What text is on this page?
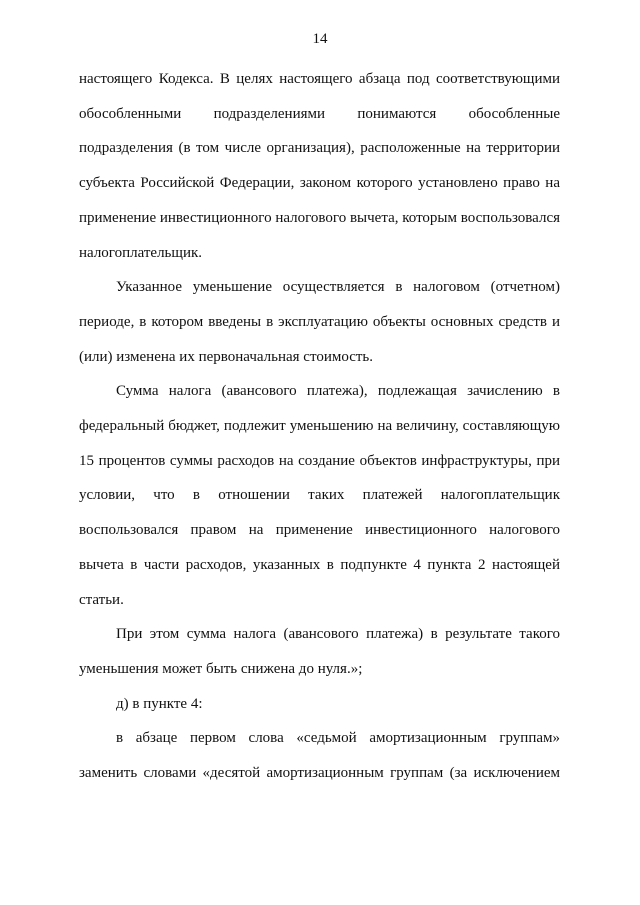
14

настоящего Кодекса. В целях настоящего абзаца под соответствующими обособленными подразделениями понимаются обособленные подразделения (в том числе организация), расположенные на территории субъекта Российской Федерации, законом которого установлено право на применение инвестиционного налогового вычета, которым воспользовался налогоплательщик.

Указанное уменьшение осуществляется в налоговом (отчетном) периоде, в котором введены в эксплуатацию объекты основных средств и (или) изменена их первоначальная стоимость.

Сумма налога (авансового платежа), подлежащая зачислению в федеральный бюджет, подлежит уменьшению на величину, составляющую 15 процентов суммы расходов на создание объектов инфраструктуры, при условии, что в отношении таких платежей налогоплательщик воспользовался правом на применение инвестиционного налогового вычета в части расходов, указанных в подпункте 4 пункта 2 настоящей статьи.

При этом сумма налога (авансового платежа) в результате такого уменьшения может быть снижена до нуля.»;

д) в пункте 4:

в абзаце первом слова «седьмой амортизационным группам» заменить словами «десятой амортизационным группам (за исключением
